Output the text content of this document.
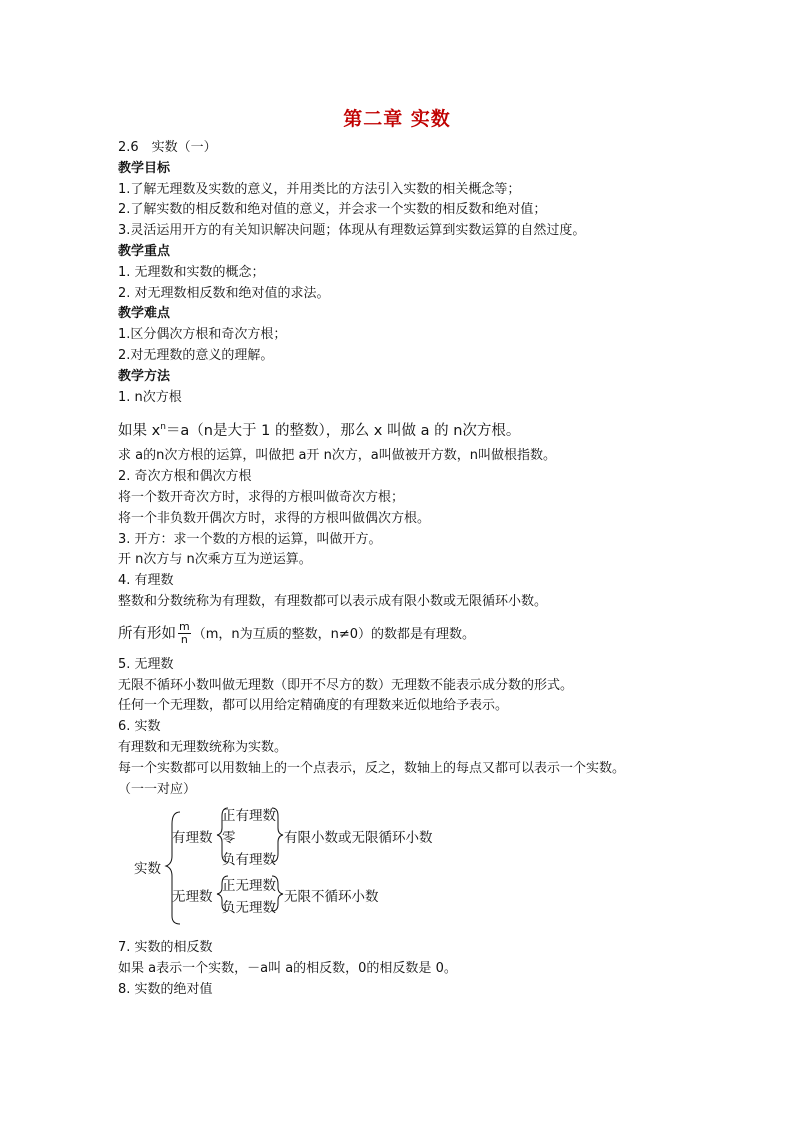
第二章 实数
2.6　实数（一）
教学目标
1.了解无理数及实数的意义，并用类比的方法引入实数的相关概念等；
2.了解实数的相反数和绝对值的意义，并会求一个实数的相反数和绝对值；
3.灵活运用开方的有关知识解决问题；体现从有理数运算到实数运算的自然过度。
教学重点
1. 无理数和实数的概念；
2. 对无理数相反数和绝对值的求法。
教学难点
1.区分偶次方根和奇次方根；
2.对无理数的意义的理解。
教学方法
1. n次方根
如果 $x^n=a(n$是大于 1 的整数），那么 x 叫做 a 的 n次方根。
求 a的n次方根的运算，叫做把 a开 n次方，a叫做被开方数，n叫做根指数。
2. 奇次方根和偶次方根
将一个数开奇次方时，求得的方根叫做奇次方根；
将一个非负数开偶次方时，求得的方根叫做偶次方根。
3. 开方：求一个数的方根的运算，叫做开方。
开 n次方与 n次乘方互为逆运算。
4. 有理数
整数和分数统称为有理数，有理数都可以表示成有限小数或无限循环小数。
所有形如 $\frac{m}{n} (m$，n为互质的整数，n≠0）的数都是有理数。
5. 无理数
无限不循环小数叫做无理数（即开不尽方的数）无理数不能表示成分数的形式。
任何一个无理数，都可以用给定精确度的有理数来近似地给予表示。
6. 实数
有理数和无理数统称为实数。
每一个实数都可以用数轴上的一个点表示，反之，数轴上的每点又都可以表示一个实数。
（一一对应）
实数
有理数
正有理数
零
负有理数
有限小数或无限循环小数
无理数
正无理数
负无理数
无限不循环小数
7. 实数的相反数
如果 a表示一个实数，－a叫 a的相反数，0的相反数是 0。
8. 实数的绝对值
